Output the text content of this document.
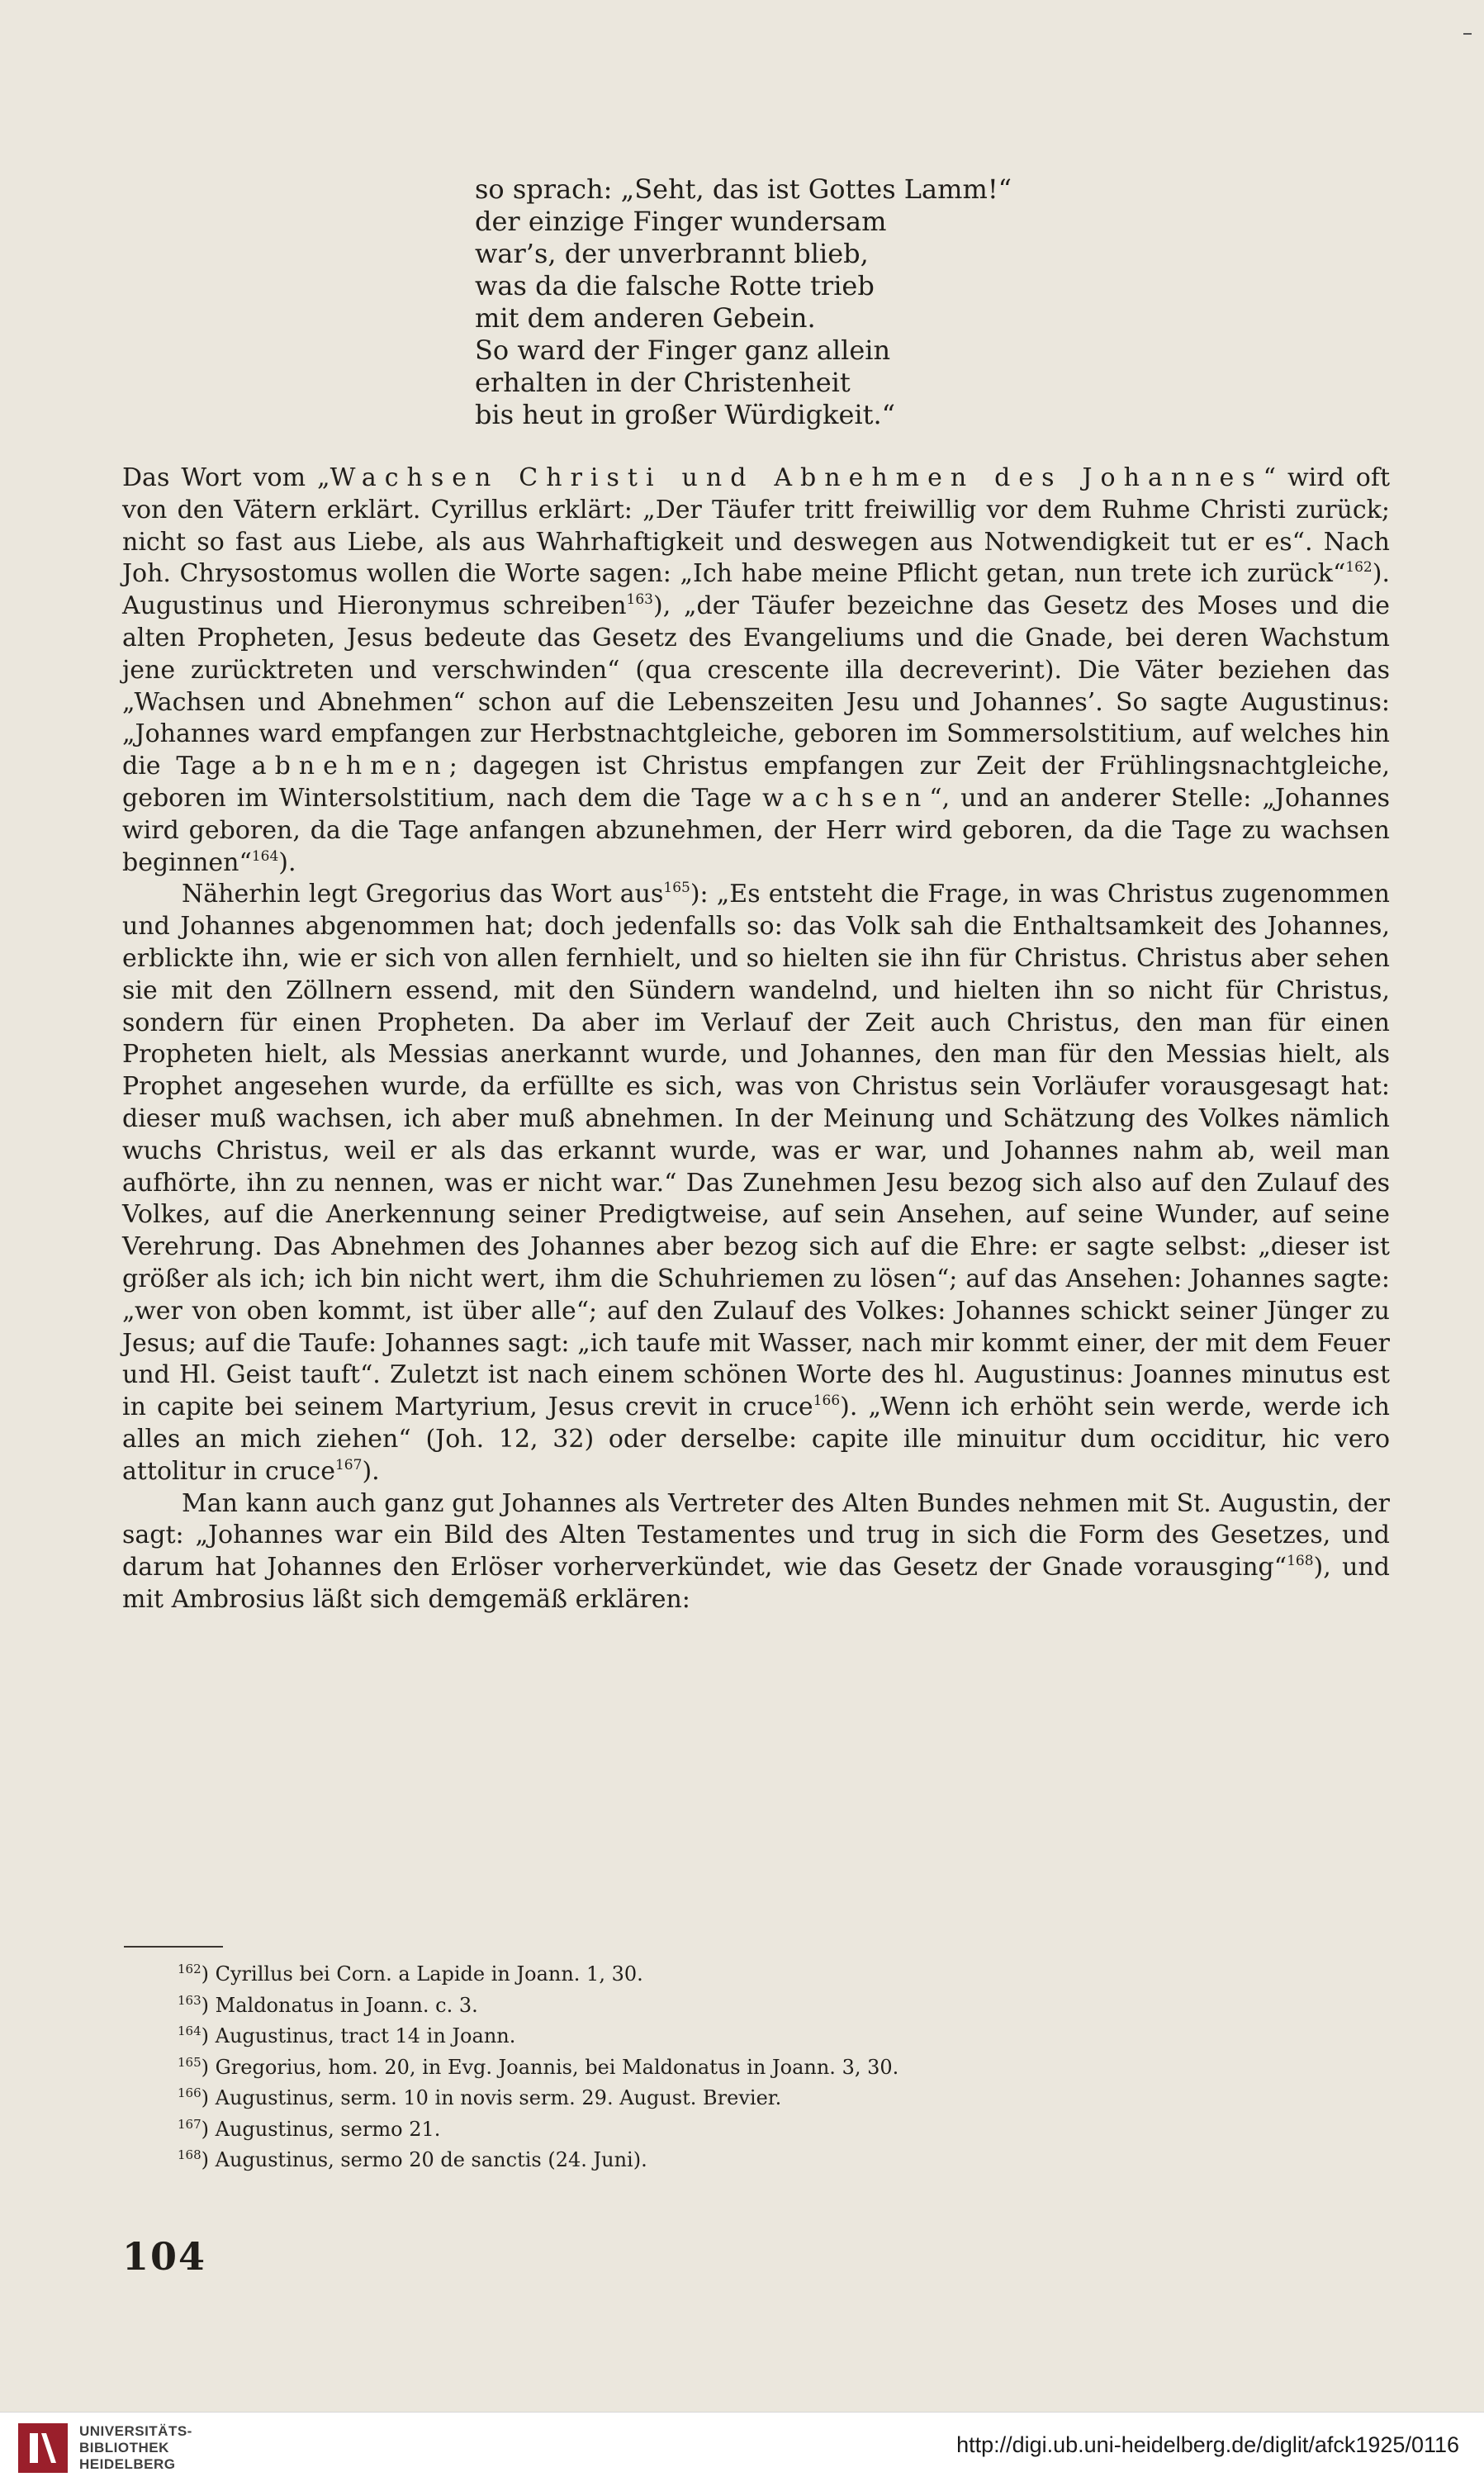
so sprach: „Seht, das ist Gottes Lamm!“
der einzige Finger wundersam
war’s, der unverbrannt blieb,
was da die falsche Rotte trieb
mit dem anderen Gebein.
So ward der Finger ganz allein
erhalten in der Christenheit
bis heut in großer Würdigkeit.“

Das Wort vom „Wachsen Christi und Abnehmen des Johannes“ wird oft von den Vätern erklärt. Cyrillus erklärt: „Der Täufer tritt freiwillig vor dem Ruhme Christi zurück; nicht so fast aus Liebe, als aus Wahrhaftigkeit und deswegen aus Notwendigkeit tut er es“. Nach Joh. Chrysostomus wollen die Worte sagen: „Ich habe meine Pflicht getan, nun trete ich zurück“$^{162}$). Augustinus und Hieronymus schreiben$^{163}$), „der Täufer bezeichne das Gesetz des Moses und die alten Propheten, Jesus bedeute das Gesetz des Evangeliums und die Gnade, bei deren Wachstum jene zurücktreten und verschwinden“ (qua crescente illa decreverint). Die Väter beziehen das „Wachsen und Abnehmen“ schon auf die Lebenszeiten Jesu und Johannes’. So sagte Augustinus: „Johannes ward empfangen zur Herbstnachtgleiche, geboren im Sommersolstitium, auf welches hin die Tage abnehmen; dagegen ist Christus empfangen zur Zeit der Frühlingsnachtgleiche, geboren im Wintersolstitium, nach dem die Tage wachsen“, und an anderer Stelle: „Johannes wird geboren, da die Tage anfangen abzunehmen, der Herr wird geboren, da die Tage zu wachsen beginnen“$^{164}$).

Näherhin legt Gregorius das Wort aus$^{165}$): „Es entsteht die Frage, in was Christus zugenommen und Johannes abgenommen hat; doch jedenfalls so: das Volk sah die Enthaltsamkeit des Johannes, erblickte ihn, wie er sich von allen fernhielt, und so hielten sie ihn für Christus. Christus aber sehen sie mit den Zöllnern essend, mit den Sündern wandelnd, und hielten ihn so nicht für Christus, sondern für einen Propheten. Da aber im Verlauf der Zeit auch Christus, den man für einen Propheten hielt, als Messias anerkannt wurde, und Johannes, den man für den Messias hielt, als Prophet angesehen wurde, da erfüllte es sich, was von Christus sein Vorläufer vorausgesagt hat: dieser muß wachsen, ich aber muß abnehmen. In der Meinung und Schätzung des Volkes nämlich wuchs Christus, weil er als das erkannt wurde, was er war, und Johannes nahm ab, weil man aufhörte, ihn zu nennen, was er nicht war.“ Das Zunehmen Jesu bezog sich also auf den Zulauf des Volkes, auf die Anerkennung seiner Predigtweise, auf sein Ansehen, auf seine Wunder, auf seine Verehrung. Das Abnehmen des Johannes aber bezog sich auf die Ehre: er sagte selbst: „dieser ist größer als ich; ich bin nicht wert, ihm die Schuhriemen zu lösen“; auf das Ansehen: Johannes sagte: „wer von oben kommt, ist über alle“; auf den Zulauf des Volkes: Johannes schickt seiner Jünger zu Jesus; auf die Taufe: Johannes sagt: „ich taufe mit Wasser, nach mir kommt einer, der mit dem Feuer und Hl. Geist tauft“. Zuletzt ist nach einem schönen Worte des hl. Augustinus: Joannes minutus est in capite bei seinem Martyrium, Jesus crevit in cruce$^{166}$). „Wenn ich erhöht sein werde, werde ich alles an mich ziehen“ (Joh. 12, 32) oder derselbe: capite ille minuitur dum occiditur, hic vero attolitur in cruce$^{167}$).

Man kann auch ganz gut Johannes als Vertreter des Alten Bundes nehmen mit St. Augustin, der sagt: „Johannes war ein Bild des Alten Testamentes und trug in sich die Form des Gesetzes, und darum hat Johannes den Erlöser vorherverkündet, wie das Gesetz der Gnade vorausging“$^{168}$), und mit Ambrosius läßt sich demgemäß erklären:

$^{162}$) Cyrillus bei Corn. a Lapide in Joann. 1, 30.
$^{163}$) Maldonatus in Joann. c. 3.
$^{164}$) Augustinus, tract 14 in Joann.
$^{165}$) Gregorius, hom. 20, in Evg. Joannis, bei Maldonatus in Joann. 3, 30.
$^{166}$) Augustinus, serm. 10 in novis serm. 29. August. Brevier.
$^{167}$) Augustinus, sermo 21.
$^{168}$) Augustinus, sermo 20 de sanctis (24. Juni).
104
UNIVERSITÄTS-
BIBLIOTHEK
HEIDELBERG
http://digi.ub.uni-heidelberg.de/diglit/afck1925/0116
